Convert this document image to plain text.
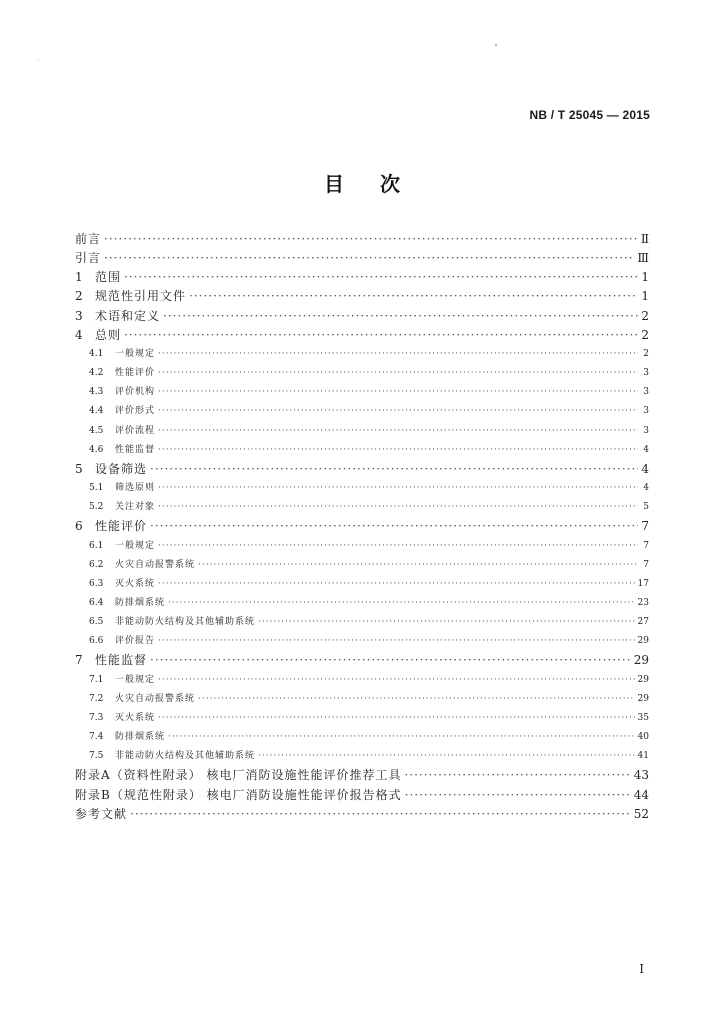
NB / T 25045 — 2015
目次
前言 ·····	Ⅱ
引言 ·····	Ⅲ
1	范围 ·····	1
2	规范性引用文件 ·····	1
3	术语和定义 ·····	2
4	总则 ·····	2
4.1	一般规定 ·····	2
4.2	性能评价 ·····	3
4.3	评价机构 ·····	3
4.4	评价形式 ·····	3
4.5	评价流程 ·····	3
4.6	性能监督 ·····	4
5	设备筛选 ·····	4
5.1	筛选原则 ·····	4
5.2	关注对象 ·····	5
6	性能评价 ·····	7
6.1	一般规定 ·····	7
6.2	火灾自动报警系统 ·····	7
6.3	灭火系统 ·····	17
6.4	防排烟系统 ·····	23
6.5	非能动防火结构及其他辅助系统 ·····	27
6.6	评价报告 ·····	29
7	性能监督 ·····	29
7.1	一般规定 ·····	29
7.2	火灾自动报警系统 ·····	29
7.3	灭火系统 ·····	35
7.4	防排烟系统 ·····	40
7.5	非能动防火结构及其他辅助系统 ·····	41
附录A（资料性附录） 核电厂消防设施性能评价推荐工具 ·····	43
附录B（规范性附录） 核电厂消防设施性能评价报告格式 ·····	44
参考文献 ·····	52
I
